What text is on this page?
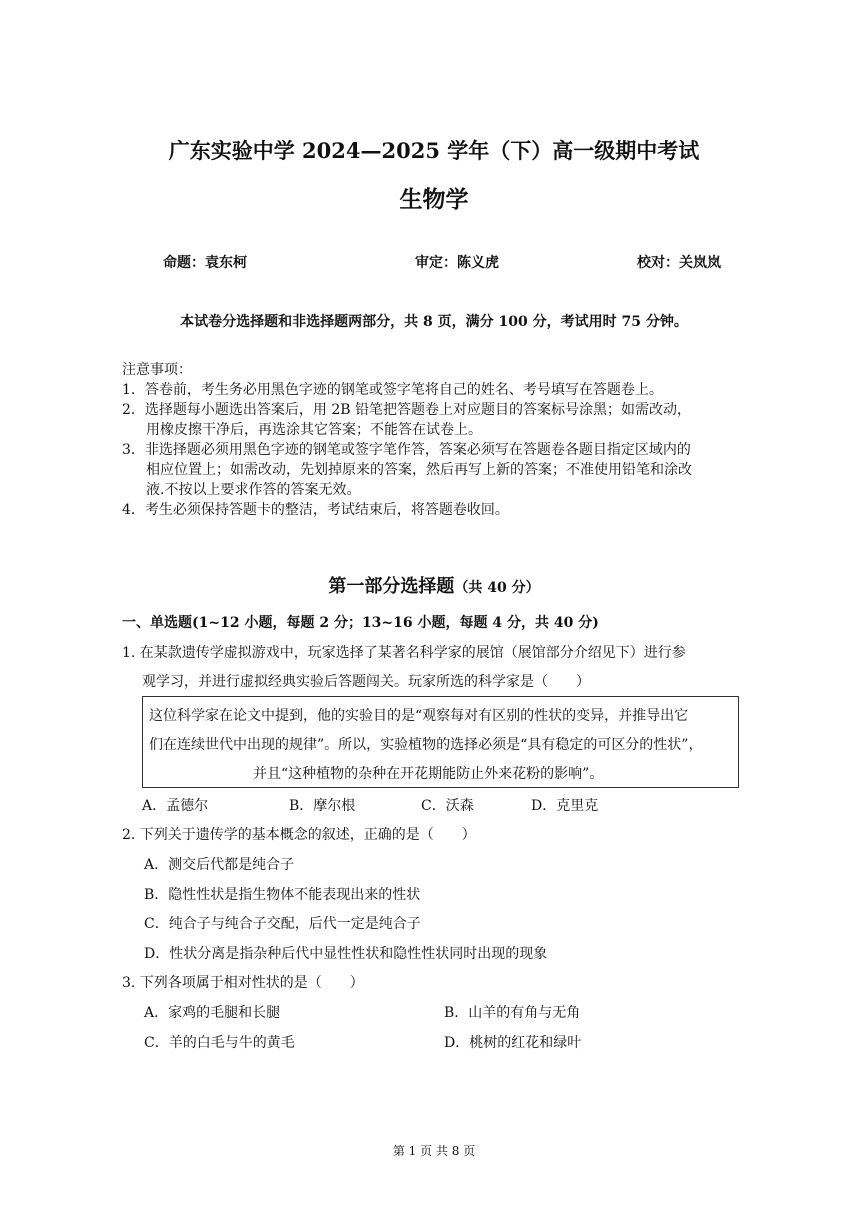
广东实验中学 2024—2025 学年（下）高一级期中考试
生物学
命题：袁东柯	审定：陈义虎	校对：关岚岚
本试卷分选择题和非选择题两部分，共 8 页，满分 100 分，考试用时 75 分钟。
注意事项：
1．答卷前，考生务必用黑色字迹的钢笔或签字笔将自己的姓名、考号填写在答题卷上。
2．选择题每小题选出答案后，用 2B 铅笔把答题卷上对应题目的答案标号涂黑；如需改动，
用橡皮擦干净后，再选涂其它答案；不能答在试卷上。
3．非选择题必须用黑色字迹的钢笔或签字笔作答，答案必须写在答题卷各题目指定区域内的
相应位置上；如需改动，先划掉原来的答案，然后再写上新的答案；不准使用铅笔和涂改
液.不按以上要求作答的答案无效。
4．考生必须保持答题卡的整洁，考试结束后，将答题卷收回。
第一部分选择题（共 40 分）
一、单选题(1~12 小题，每题 2 分；13~16 小题，每题 4 分，共 40 分)
1. 在某款遗传学虚拟游戏中，玩家选择了某著名科学家的展馆（展馆部分介绍见下）进行参
观学习，并进行虚拟经典实验后答题闯关。玩家所选的科学家是（　　）
这位科学家在论文中提到，他的实验目的是“观察每对有区别的性状的变异，并推导出它
们在连续世代中出现的规律”。所以，实验植物的选择必须是“具有稳定的可区分的性状”，
并且“这种植物的杂种在开花期能防止外来花粉的影响”。
A．孟德尔	B．摩尔根	C．沃森	D．克里克
2. 下列关于遗传学的基本概念的叙述，正确的是（　　）
A．测交后代都是纯合子
B．隐性性状是指生物体不能表现出来的性状
C．纯合子与纯合子交配，后代一定是纯合子
D．性状分离是指杂种后代中显性性状和隐性性状同时出现的现象
3. 下列各项属于相对性状的是（　　）
A．家鸡的毛腿和长腿	B．山羊的有角与无角
C．羊的白毛与牛的黄毛	D．桃树的红花和绿叶
第 1 页 共 8 页
